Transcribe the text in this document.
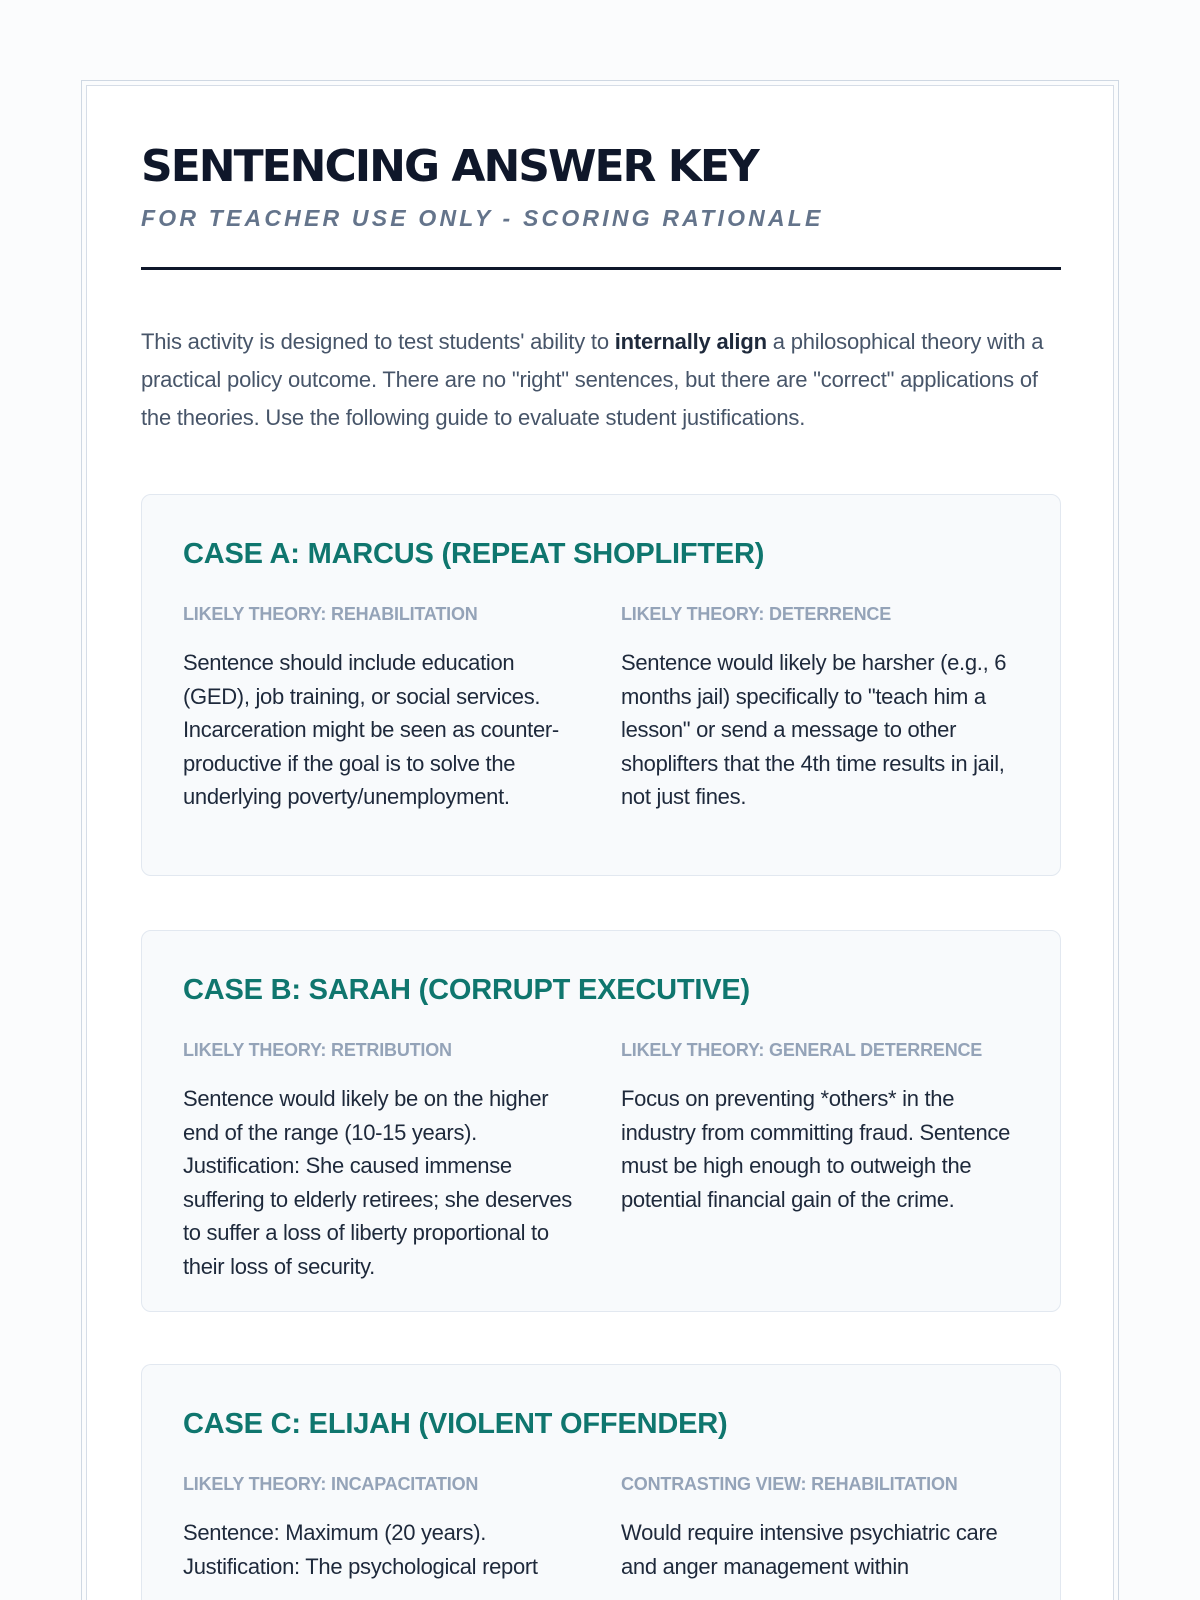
SENTENCING ANSWER KEY
FOR TEACHER USE ONLY - SCORING RATIONALE

This activity is designed to test students' ability to internally align a philosophical theory with a practical policy outcome. There are no "right" sentences, but there are "correct" applications of the theories. Use the following guide to evaluate student justifications.

CASE A: MARCUS (REPEAT SHOPLIFTER)
LIKELY THEORY: REHABILITATION
Sentence should include education (GED), job training, or social services. Incarceration might be seen as counter-productive if the goal is to solve the underlying poverty/unemployment.
LIKELY THEORY: DETERRENCE
Sentence would likely be harsher (e.g., 6 months jail) specifically to "teach him a lesson" or send a message to other shoplifters that the 4th time results in jail, not just fines.
CASE B: SARAH (CORRUPT EXECUTIVE)
LIKELY THEORY: RETRIBUTION
Sentence would likely be on the higher end of the range (10-15 years). Justification: She caused immense suffering to elderly retirees; she deserves to suffer a loss of liberty proportional to their loss of security.
LIKELY THEORY: GENERAL DETERRENCE
Focus on preventing *others* in the industry from committing fraud. Sentence must be high enough to outweigh the potential financial gain of the crime.
CASE C: ELIJAH (VIOLENT OFFENDER)
LIKELY THEORY: INCAPACITATION
Sentence: Maximum (20 years). Justification: The psychological report
CONTRASTING VIEW: REHABILITATION
Would require intensive psychiatric care and anger management within
